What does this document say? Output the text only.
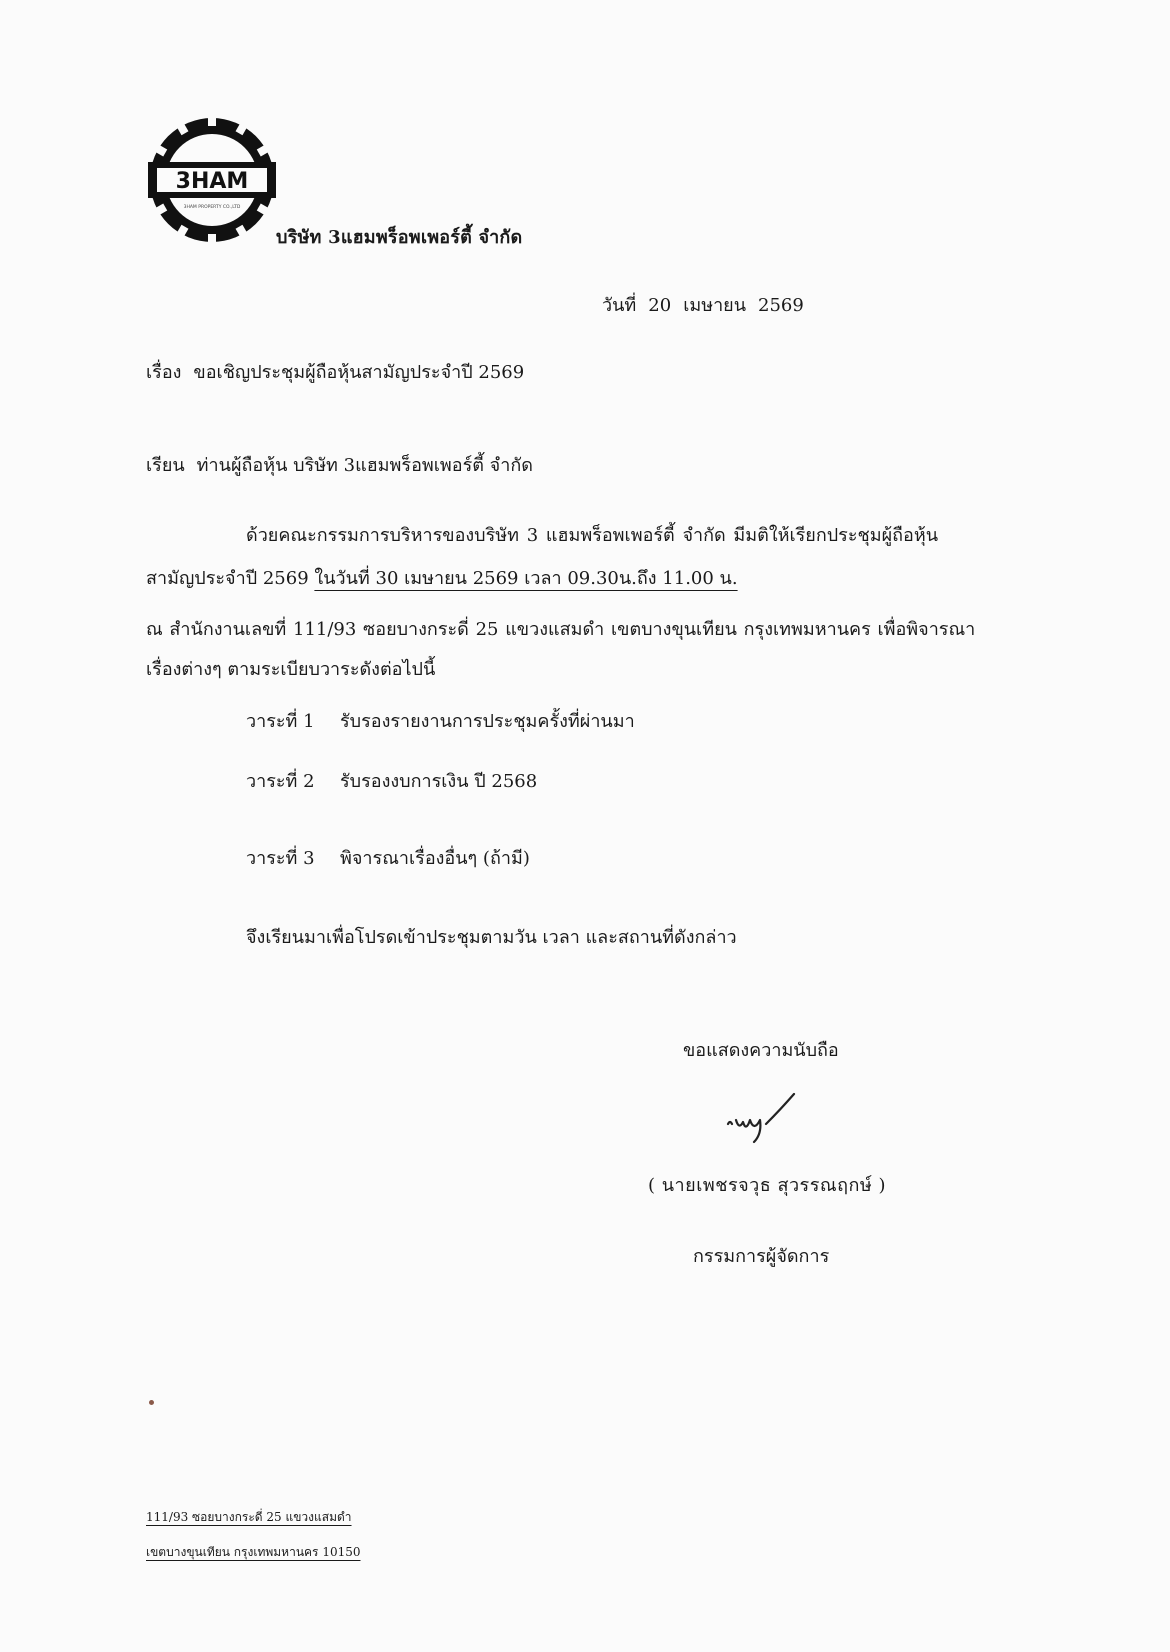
3HAM
3HAM PROPERTY CO.,LTD
บริษัท 3แฮมพร็อพเพอร์ตี้ จำกัด
วันที่ 20 เมษายน 2569
เรื่อง ขอเชิญประชุมผู้ถือหุ้นสามัญประจำปี 2569
เรียน ท่านผู้ถือหุ้น บริษัท 3แฮมพร็อพเพอร์ตี้ จำกัด
ด้วยคณะกรรมการบริหารของบริษัท 3 แฮมพร็อพเพอร์ตี้ จำกัด มีมติให้เรียกประชุมผู้ถือหุ้น
สามัญประจำปี 2569 ในวันที่ 30 เมษายน 2569 เวลา 09.30น.ถึง 11.00 น.
ณ สำนักงานเลขที่ 111/93 ซอยบางกระดี่ 25 แขวงแสมดำ เขตบางขุนเทียน กรุงเทพมหานคร เพื่อพิจารณา
เรื่องต่างๆ ตามระเบียบวาระดังต่อไปนี้
วาระที่ 1 รับรองรายงานการประชุมครั้งที่ผ่านมา
วาระที่ 2 รับรองงบการเงิน ปี 2568
วาระที่ 3 พิจารณาเรื่องอื่นๆ (ถ้ามี)
จึงเรียนมาเพื่อโปรดเข้าประชุมตามวัน เวลา และสถานที่ดังกล่าว
ขอแสดงความนับถือ
( นายเพชรจวุธ สุวรรณฤกษ์ )
กรรมการผู้จัดการ
111/93 ซอยบางกระดี่ 25 แขวงแสมดำ
เขตบางขุนเทียน กรุงเทพมหานคร 10150
